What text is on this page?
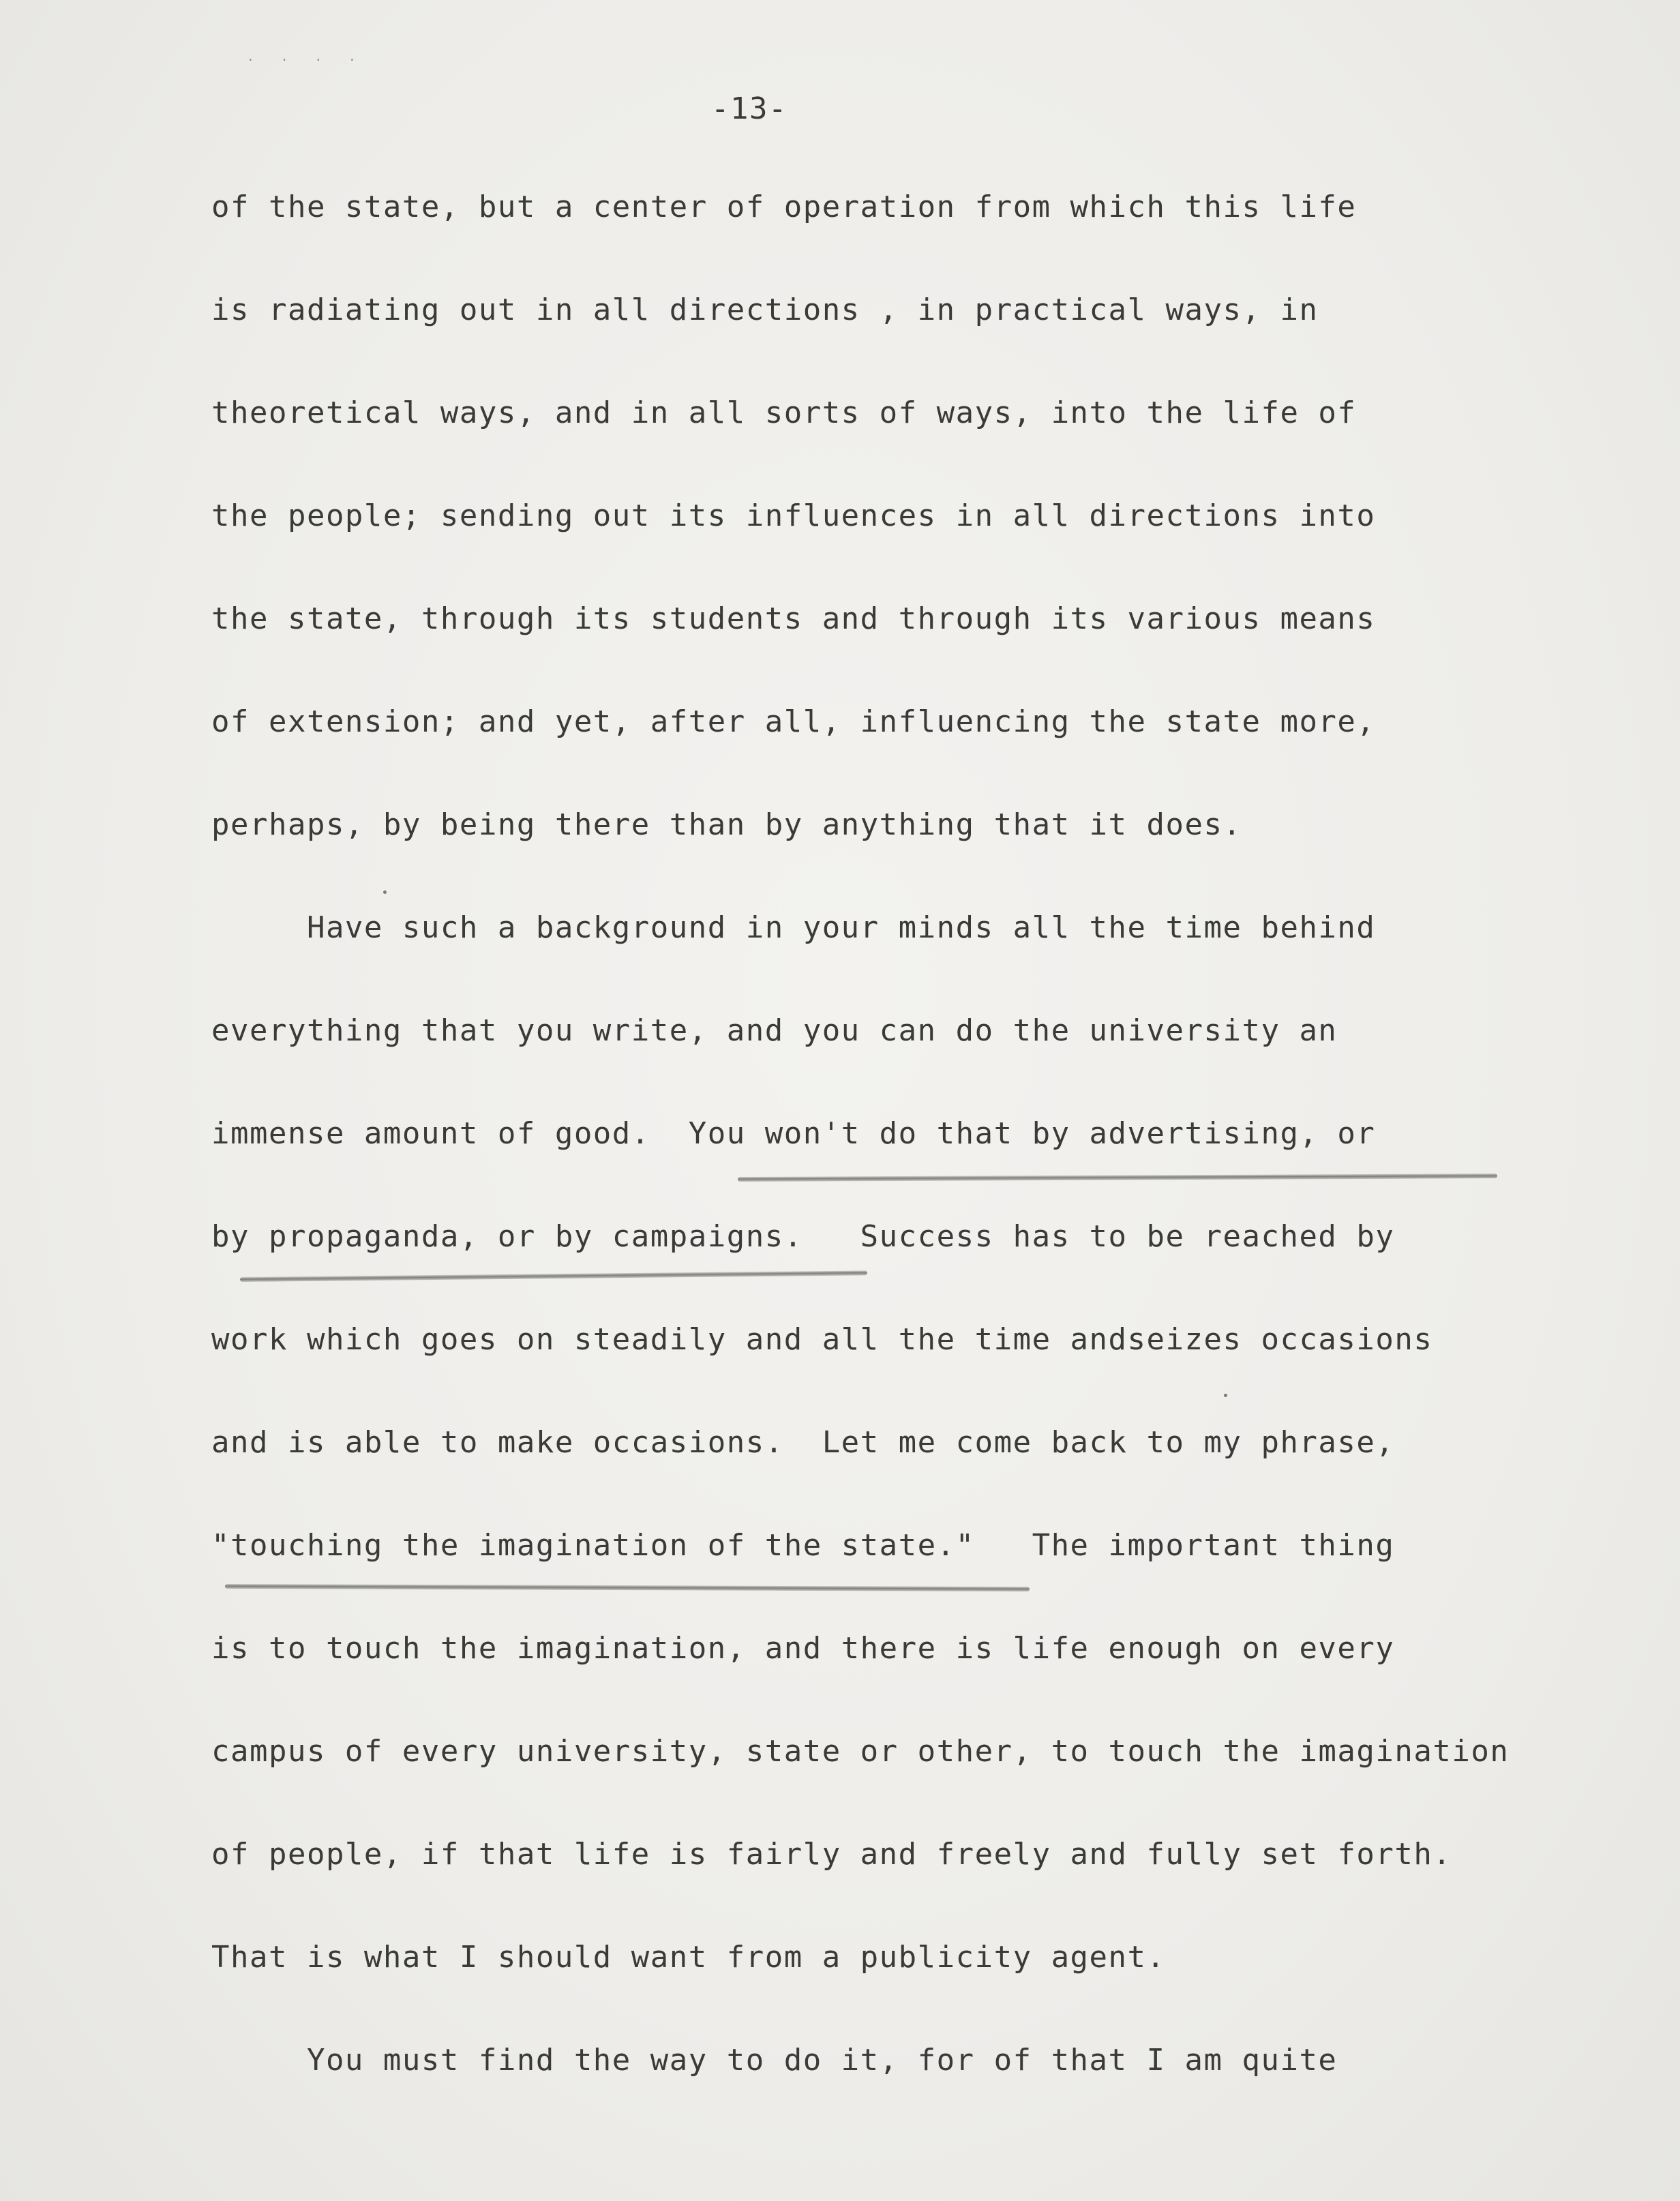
· · · ·
-13-
of the state, but a center of operation from which this life
is radiating out in all directions , in practical ways, in
theoretical ways, and in all sorts of ways, into the life of
the people; sending out its influences in all directions into
the state, through its students and through its various means
of extension; and yet, after all, influencing the state more,
perhaps, by being there than by anything that it does.
Have such a background in your minds all the time behind
everything that you write, and you can do the university an
immense amount of good.  You won't do that by advertising, or
by propaganda, or by campaigns.   Success has to be reached by
work which goes on steadily and all the time andseizes occasions
and is able to make occasions.  Let me come back to my phrase,
"touching the imagination of the state."   The important thing
is to touch the imagination, and there is life enough on every
campus of every university, state or other, to touch the imagination
of people, if that life is fairly and freely and fully set forth.
That is what I should want from a publicity agent.
You must find the way to do it, for of that I am quite
